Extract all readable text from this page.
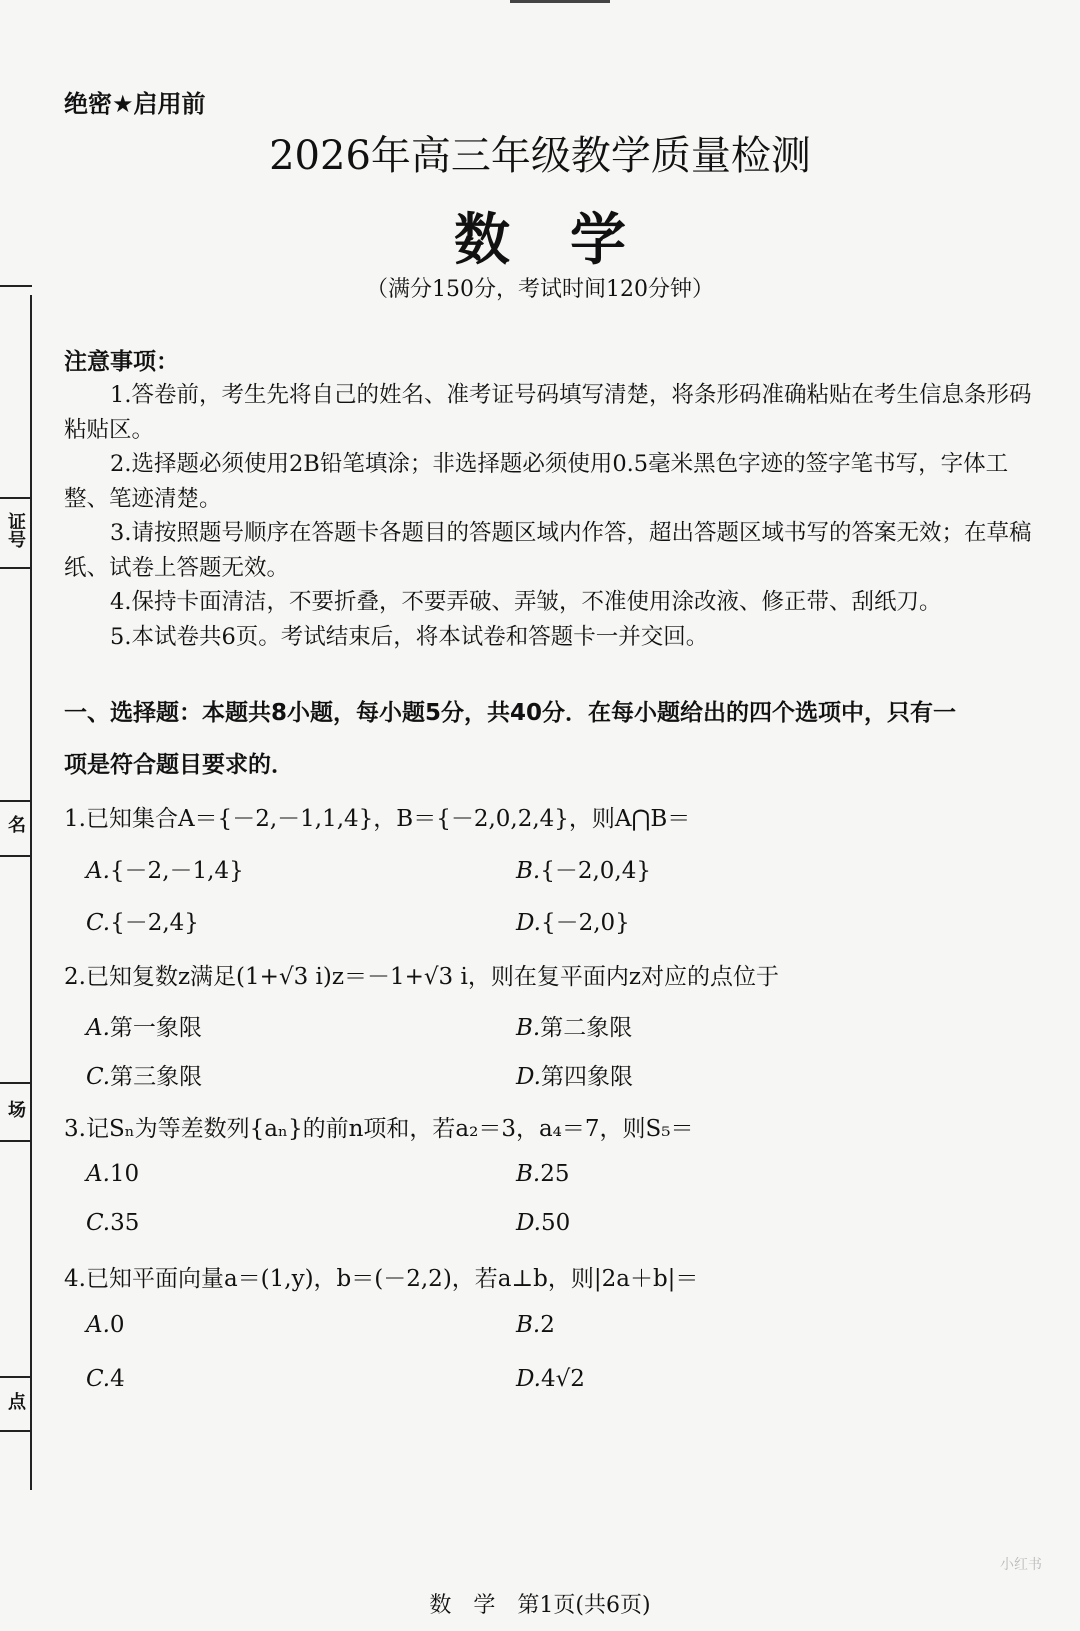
证号
名
场
点
绝密★启用前
2026年高三年级教学质量检测
数学
（满分150分，考试时间120分钟）
注意事项：

1.答卷前，考生先将自己的姓名、准考证号码填写清楚，将条形码准确粘贴在考生信息条形码粘贴区。

2.选择题必须使用2B铅笔填涂；非选择题必须使用0.5毫米黑色字迹的签字笔书写，字体工整、笔迹清楚。

3.请按照题号顺序在答题卡各题目的答题区域内作答，超出答题区域书写的答案无效；在草稿纸、试卷上答题无效。

4.保持卡面清洁，不要折叠，不要弄破、弄皱，不准使用涂改液、修正带、刮纸刀。

5.本试卷共6页。考试结束后，将本试卷和答题卡一并交回。

一、选择题：本题共8小题，每小题5分，共40分．在每小题给出的四个选项中，只有一
项是符合题目要求的．
1.已知集合A＝{－2,－1,1,4}，B＝{－2,0,2,4}，则A⋂B＝
A.{－2,－1,4}	B.{－2,0,4}
C.{－2,4}	D.{－2,0}
2.已知复数z满足(1+√3 i)z＝－1+√3 i，则在复平面内z对应的点位于
A.第一象限	B.第二象限
C.第三象限	D.第四象限
3.记Sₙ为等差数列{aₙ}的前n项和，若a₂＝3，a₄＝7，则S₅＝
A.10	B.25
C.35	D.50
4.已知平面向量a＝(1,y)，b＝(－2,2)，若a⊥b，则|2a＋b|＝
A.0	B.2
C.4	D.4√2
数　学　第1页(共6页)
小红书
